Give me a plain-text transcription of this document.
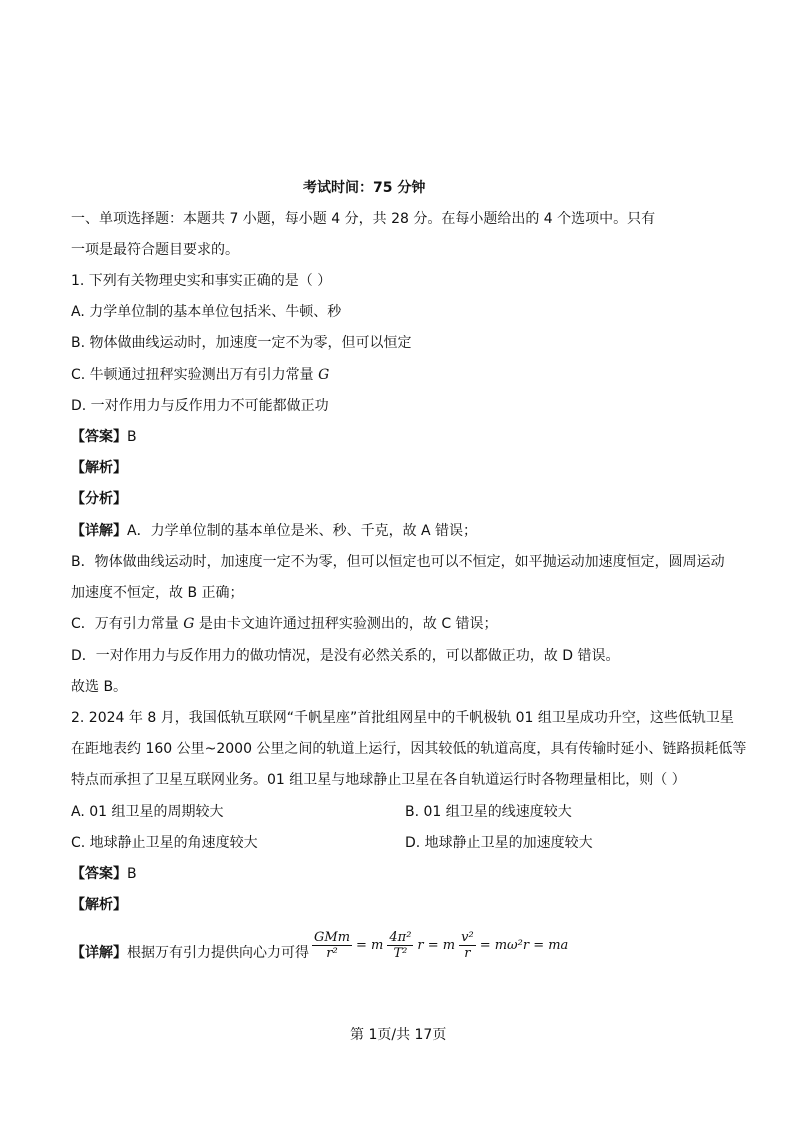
考试时间：75 分钟
一、单项选择题：本题共 7 小题，每小题 4 分，共 28 分。在每小题给出的 4 个选项中。只有
一项是最符合题目要求的。
1. 下列有关物理史实和事实正确的是（ ）
A. 力学单位制的基本单位包括米、牛顿、秒
B. 物体做曲线运动时，加速度一定不为零，但可以恒定
C. 牛顿通过扭秤实验测出万有引力常量 G
D. 一对作用力与反作用力不可能都做正功
【答案】B
【解析】
【分析】
【详解】A．力学单位制的基本单位是米、秒、千克，故 A 错误；
B．物体做曲线运动时，加速度一定不为零，但可以恒定也可以不恒定，如平抛运动加速度恒定，圆周运动
加速度不恒定，故 B 正确；
C．万有引力常量 G 是由卡文迪许通过扭秤实验测出的，故 C 错误；
D．一对作用力与反作用力的做功情况，是没有必然关系的，可以都做正功，故 D 错误。
故选 B。
2. 2024 年 8 月，我国低轨互联网“千帆星座”首批组网星中的千帆极轨 01 组卫星成功升空，这些低轨卫星
在距地表约 160 公里~2000 公里之间的轨道上运行，因其较低的轨道高度，具有传输时延小、链路损耗低等
特点而承担了卫星互联网业务。01 组卫星与地球静止卫星在各自轨道运行时各物理量相比，则（ ）
A. 01 组卫星的周期较大	B. 01 组卫星的线速度较大
C. 地球静止卫星的角速度较大	D. 地球静止卫星的加速度较大
【答案】B
【解析】
【详解】根据万有引力提供向心力可得 $\frac{\text{GMm}}{\text{r²}} = m \frac{\text{4π²}}{\text{T²}}$ r = m $\frac{\text{v²}}{r} = m\omega^2r$ = ma
第 1页/共 17页
